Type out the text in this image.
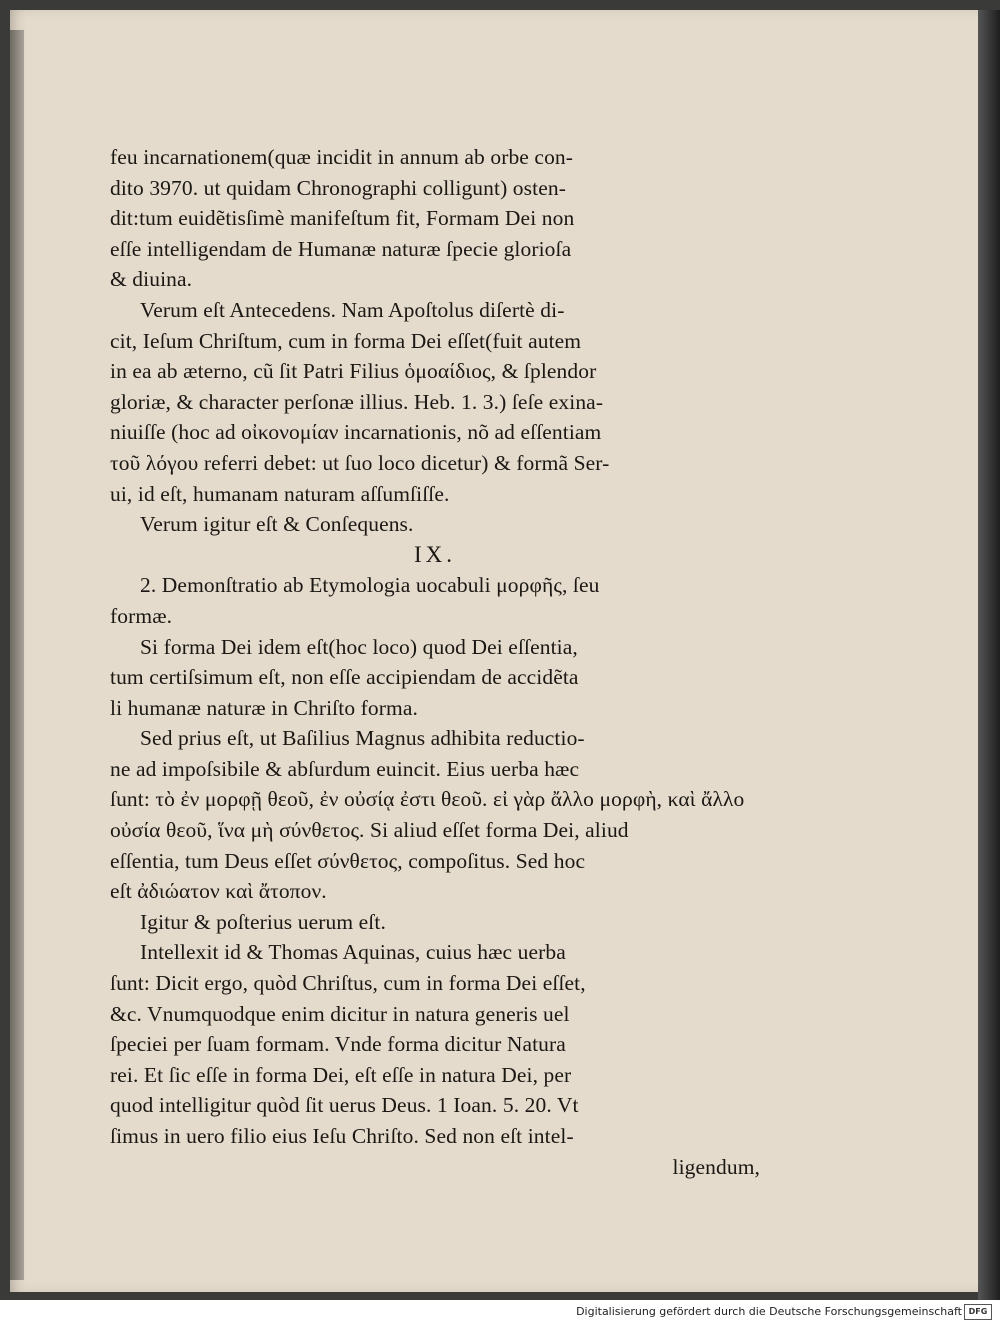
feu incarnationem(quæ incidit in annum ab orbe con-
dito 3970. ut quidam Chronographi colligunt) osten-
dit:tum euidẽtisſimè manifeſtum fit, Formam Dei non
eſſe intelligendam de Humanæ naturæ ſpecie glorioſa
& diuina.
Verum eſt Antecedens. Nam Apoſtolus diſertè di-
cit, Ieſum Chriſtum, cum in forma Dei eſſet(fuit autem
in ea ab æterno, cũ ſit Patri Filius ὁμοαίδιος, & ſplendor
gloriæ, & character perſonæ illius. Heb. 1. 3.) ſeſe exina-
niuiſſe (hoc ad οἰκονομίαν incarnationis, nõ ad eſſentiam
τοῦ λόγου referri debet: ut ſuo loco dicetur) & formã Ser-
ui, id eſt, humanam naturam aſſumſiſſe.
Verum igitur eſt & Conſequens.
IX.
2. Demonſtratio ab Etymologia uocabuli μορφῆς, ſeu
formæ.
Si forma Dei idem eſt(hoc loco) quod Dei eſſentia,
tum certiſsimum eſt, non eſſe accipiendam de accidẽta
li humanæ naturæ in Chriſto forma.
Sed prius eſt, ut Baſilius Magnus adhibita reductio-
ne ad impoſsibile & abſurdum euincit. Eius uerba hæc
ſunt: τὸ ἐν μορφῇ θεοῦ, ἐν οὐσίᾳ ἐστι θεοῦ. εἰ γὰρ ἄλλο μορφὴ, καὶ ἄλλο
οὐσία θεοῦ, ἵνα μὴ σύνθετος. Si aliud eſſet forma Dei, aliud
eſſentia, tum Deus eſſet σύνθετος, compoſitus. Sed hoc
eſt ἀδιώατον καὶ ἄτοπον.
Igitur & poſterius uerum eſt.
Intellexit id & Thomas Aquinas, cuius hæc uerba
ſunt: Dicit ergo, quòd Chriſtus, cum in forma Dei eſſet,
&c. Vnumquodque enim dicitur in natura generis uel
ſpeciei per ſuam formam. Vnde forma dicitur Natura
rei. Et ſic eſſe in forma Dei, eſt eſſe in natura Dei, per
quod intelligitur quòd ſit uerus Deus. 1 Ioan. 5. 20. Vt
ſimus in uero filio eius Ieſu Chriſto. Sed non eſt intel-
ligendum,
Digitalisierung gefördert durch die Deutsche Forschungsgemeinschaft DFG
